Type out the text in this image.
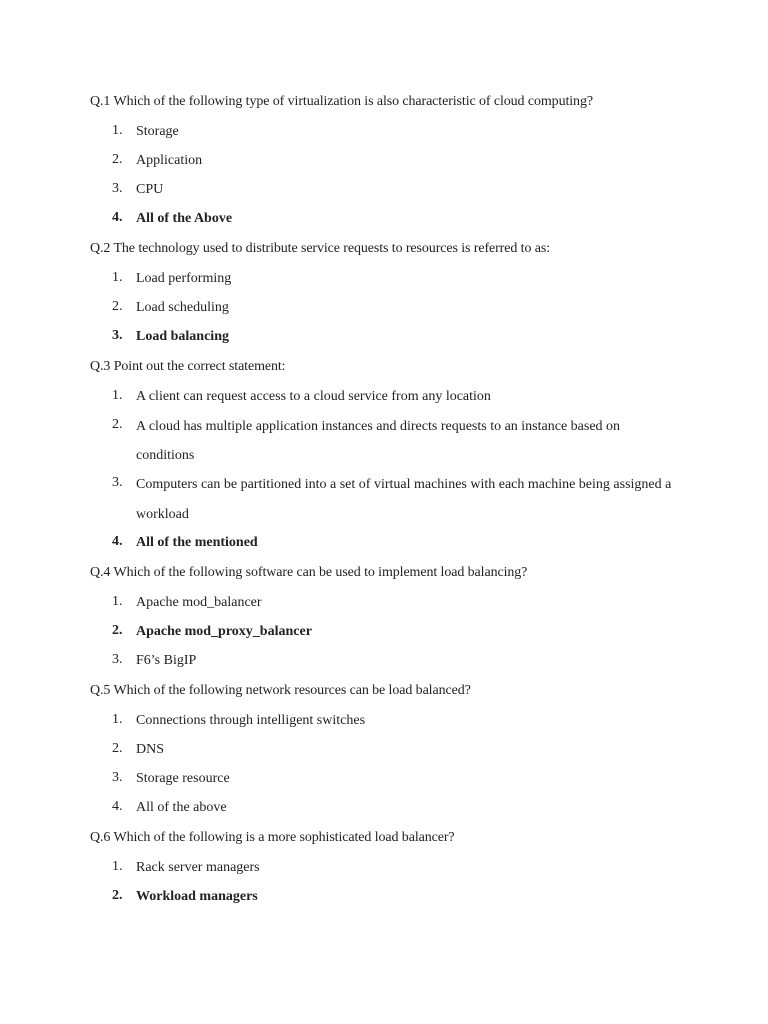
Q.1 Which of the following type of virtualization is also characteristic of cloud computing?
1. Storage
2. Application
3. CPU
4. All of the Above
Q.2 The technology used to distribute service requests to resources is referred to as:
1. Load performing
2. Load scheduling
3. Load balancing
Q.3 Point out the correct statement:
1. A client can request access to a cloud service from any location
2. A cloud has multiple application instances and directs requests to an instance based on conditions
3. Computers can be partitioned into a set of virtual machines with each machine being assigned a workload
4. All of the mentioned
Q.4 Which of the following software can be used to implement load balancing?
1. Apache mod_balancer
2. Apache mod_proxy_balancer
3. F6’s BigIP
Q.5 Which of the following network resources can be load balanced?
1. Connections through intelligent switches
2. DNS
3. Storage resource
4. All of the above
Q.6 Which of the following is a more sophisticated load balancer?
1. Rack server managers
2. Workload managers
